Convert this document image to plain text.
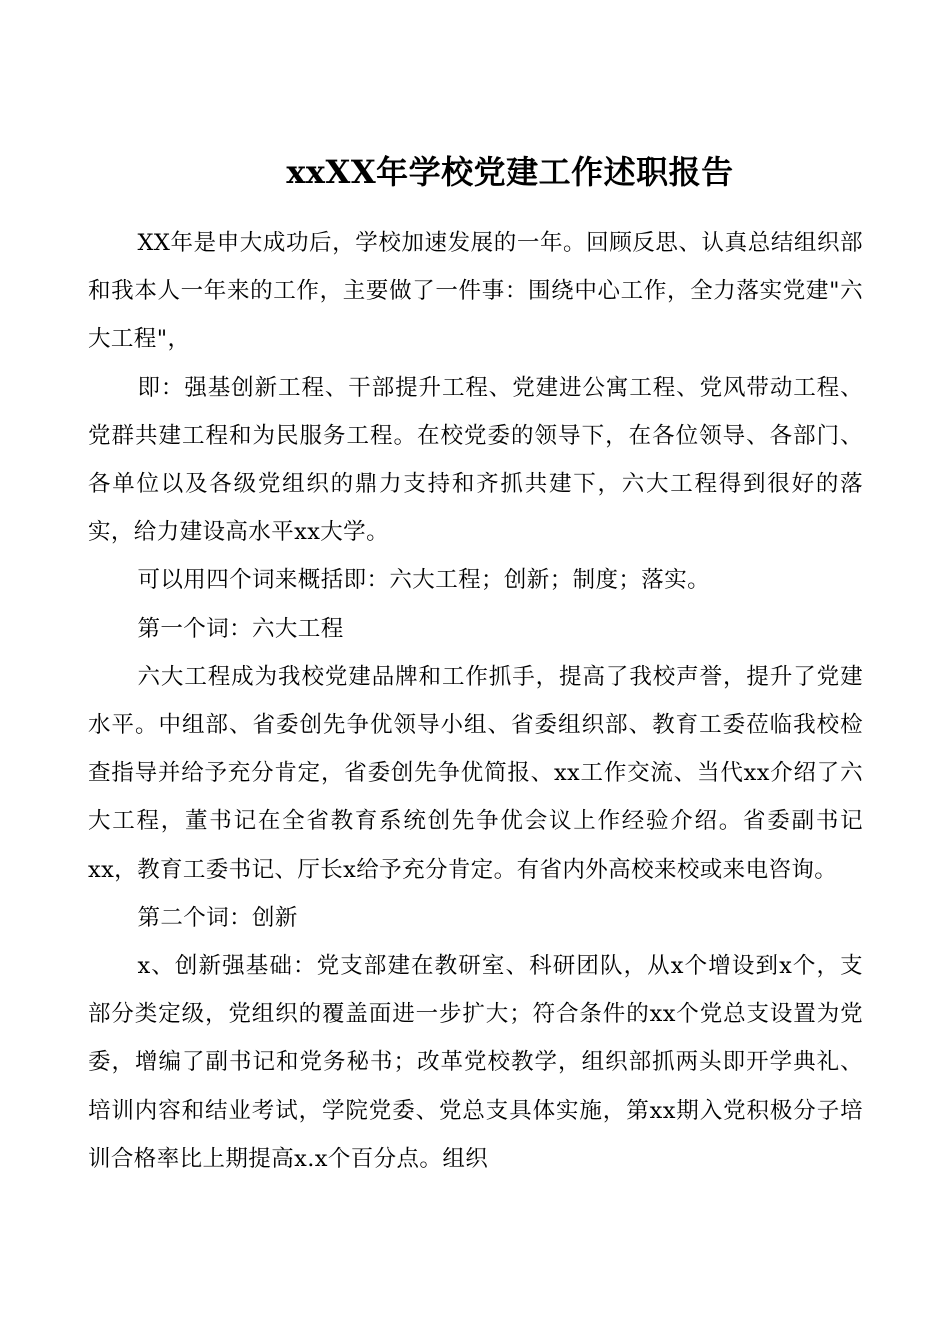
xxXX年学校党建工作述职报告

XX年是申大成功后，学校加速发展的一年。回顾反思、认真总结组织部和我本人一年来的工作，主要做了一件事：围绕中心工作，全力落实党建"六大工程"，

即：强基创新工程、干部提升工程、党建进公寓工程、党风带动工程、党群共建工程和为民服务工程。在校党委的领导下，在各位领导、各部门、各单位以及各级党组织的鼎力支持和齐抓共建下，六大工程得到很好的落实，给力建设高水平xx大学。

可以用四个词来概括即：六大工程；创新；制度；落实。

第一个词：六大工程

六大工程成为我校党建品牌和工作抓手，提高了我校声誉，提升了党建水平。中组部、省委创先争优领导小组、省委组织部、教育工委莅临我校检查指导并给予充分肯定，省委创先争优简报、xx工作交流、当代xx介绍了六大工程，董书记在全省教育系统创先争优会议上作经验介绍。省委副书记xx，教育工委书记、厅长x给予充分肯定。有省内外高校来校或来电咨询。

第二个词：创新

x、创新强基础：党支部建在教研室、科研团队，从x个增设到x个，支部分类定级，党组织的覆盖面进一步扩大；符合条件的xx个党总支设置为党委，增编了副书记和党务秘书；改革党校教学，组织部抓两头即开学典礼、培训内容和结业考试，学院党委、党总支具体实施，第xx期入党积极分子培训合格率比上期提高x.x个百分点。组织
